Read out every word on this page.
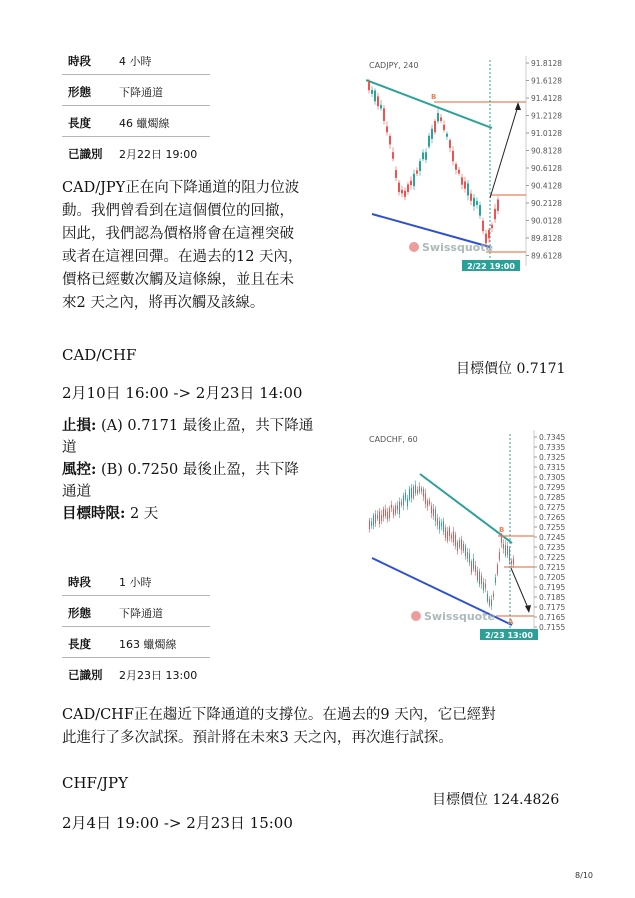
時段	4 小時
形態	下降通道
長度	46 蠟燭線
已識別 2月22日 19:00
CAD/JPY正在向下降通道的阻力位波
動。我們曾看到在這個價位的回撤，
因此，我們認為價格將會在這裡突破
或者在這裡回彈。在過去的12 天內，
價格已經數次觸及這條線，並且在未
來2 天之內，將再次觸及該線。
CADJPY, 240	91.8128
91.6128
91.4128
91.2128
91.0128
90.8128
90.6128
90.4128
90.2128
90.0128
89.8128
89.6128
B
Swissquote
2/22 19:00
CAD/CHF
目標價位 0.7171
2月10日 16:00 -> 2月23日 14:00
止損: (A) 0.7171 最後止盈，共下降通
道
風控: (B) 0.7250 最後止盈，共下降
通道
目標時限: 2 天
時段	1 小時
形態	下降通道
長度	163 蠟燭線
已識別 2月23日 13:00
CADCHF, 60	0.7345
0.7335
0.7325
0.7315
0.7305
0.7295
0.7285
0.7275
0.7265
0.7255
0.7245
0.7235
0.7225
0.7215
0.7205
0.7195
0.7185
0.7175
0.7165
0.7155
B
A
Swissquote
2/23 13:00
CAD/CHF正在趨近下降通道的支撐位。在過去的9 天內，它已經對
此進行了多次試探。預計將在未來3 天之內，再次進行試探。
CHF/JPY
目標價位 124.4826
2月4日 19:00 -> 2月23日 15:00
8/10
